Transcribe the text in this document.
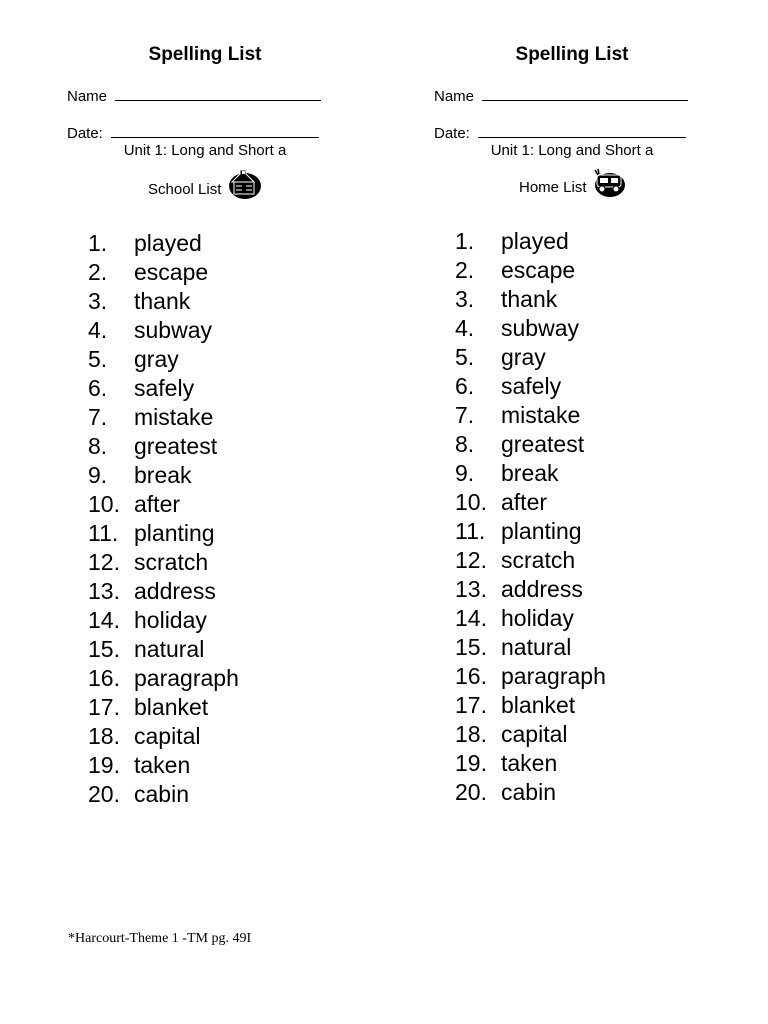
Spelling List
Name
Date:
Unit 1: Long and Short a
School List
1. played
2. escape
3. thank
4. subway
5. gray
6. safely
7. mistake
8. greatest
9. break
10. after
11. planting
12. scratch
13. address
14. holiday
15. natural
16. paragraph
17. blanket
18. capital
19. taken
20. cabin
Spelling List
Name
Date:
Unit 1: Long and Short a
Home List
1. played
2. escape
3. thank
4. subway
5. gray
6. safely
7. mistake
8. greatest
9. break
10. after
11. planting
12. scratch
13. address
14. holiday
15. natural
16. paragraph
17. blanket
18. capital
19. taken
20. cabin
*Harcourt-Theme 1 -TM pg. 49I
